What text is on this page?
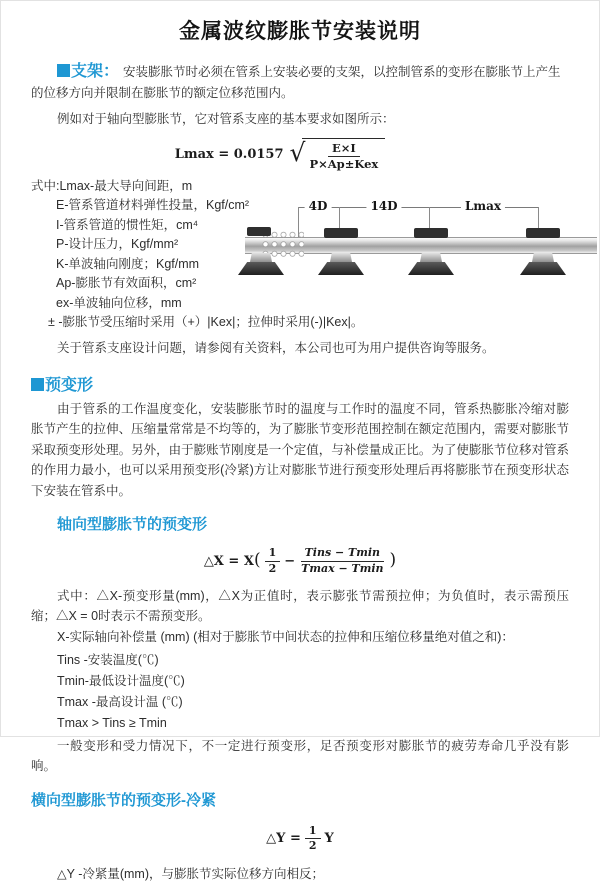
金属波纹膨胀节安装说明

支架： 安装膨胀节时必须在管系上安装必要的支架，以控制管系的变形在膨胀节上产生的位移方向并限制在膨胀节的额定位移范围内。

例如对于轴向型膨胀节，它对管系支座的基本要求如图所示：

Lmax = 0.0157 √ $\frac{E\times I}{\text{P×Ap±Kex}}$
式中:Lmax-最大导向间距，m
E-管系管道材料弹性投量，Kgf/cm²
I-管系管道的惯性矩，cm⁴
P-设计压力，Kgf/mm²
K-单波轴向刚度；Kgf/mm
Ap-膨胀节有效面积，cm²
ex-单波轴向位移，mm
± -膨胀节受压缩时采用（+）|Kex|；拉伸时采用(-)|Kex|。

关于管系支座设计问题，请参阅有关资料，本公司也可为用户提供咨询等服务。

4D	14D	Lmax
预变形

由于管系的工作温度变化，安装膨胀节时的温度与工作时的温度不同，管系热膨胀冷缩对膨胀节产生的拉伸、压缩量常常是不均等的，为了膨胀节变形范围控制在额定范围内，需要对膨胀节采取预变形处理。另外，由于膨账节刚度是一个定值，与补偿量成正比。为了使膨胀节位移对管系的作用力最小，也可以采用预变形(冷紧)方让对膨胀节进行预变形处理后再将膨胀节在预变形状态下安装在管系中。

轴向型膨胀节的预变形
△X = X ( $\frac{1}{2} - \frac{\text{Tins − Tmin}}{Tmax - Tmin}$ )

式中：△X-预变形量(mm)，△X为正值时，表示膨张节需预拉伸；为负值时，表示需预压缩；△X = 0时表示不需预变形。

X-实际轴向补偿量 (mm) (相对于膨胀节中间状态的拉伸和压缩位移量绝对值之和)：
Tins -安装温度(℃)
Tmin-最低设计温度(℃)
Tmax -最高设计温 (℃)
Tmax > Tins ≥ Tmin

一般变形和受力情况下，不一定进行预变形，足否预变形对膨胀节的疲劳寿命几乎没有影响。

横向型膨胀节的预变形-冷紧
△Y = $\frac{1}{2}$ Y
△Y -冷紧量(mm)，与膨胀节实际位移方向相反；
